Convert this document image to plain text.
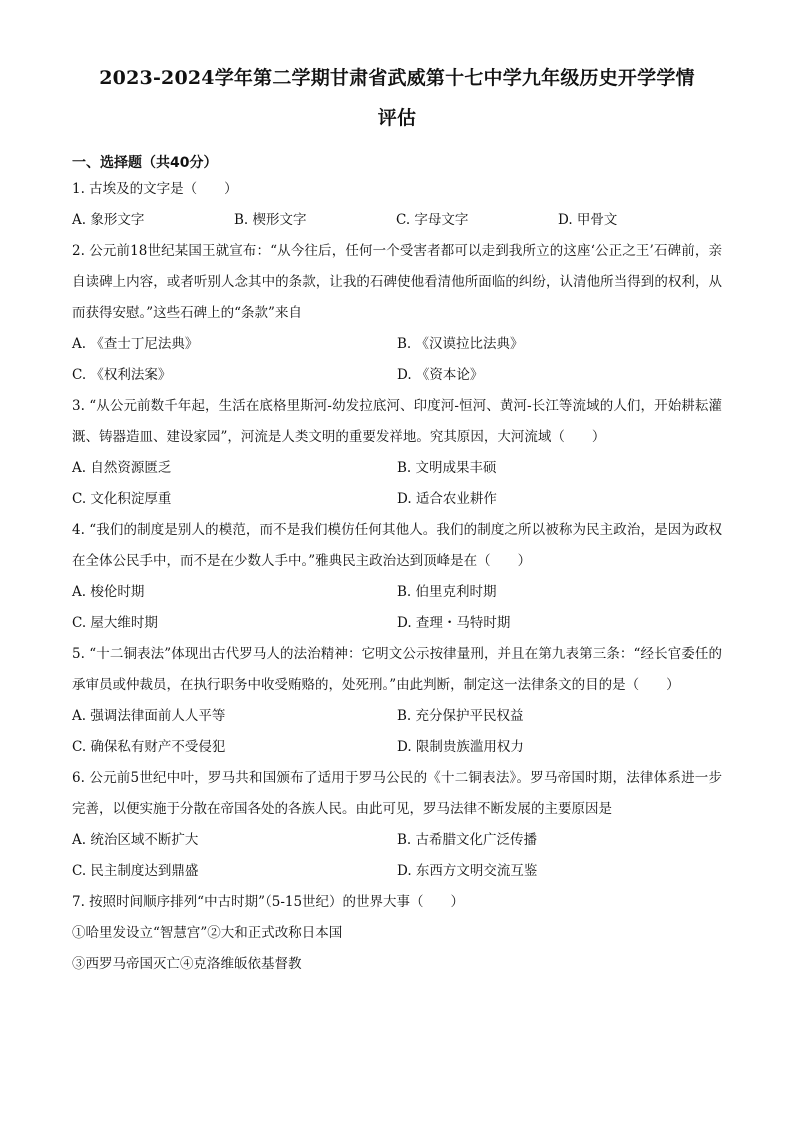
2023-2024学年第二学期甘肃省武威第十七中学九年级历史开学学情
评估
一、选择题（共40分）

1. 古埃及的文字是（　　）

A. 象形文字	B. 楔形文字	C. 字母文字	D. 甲骨文

2. 公元前18世纪某国王就宣布：“从今往后，任何一个受害者都可以走到我所立的这座‘公正之王’石碑前，亲自读碑上内容，或者听别人念其中的条款，让我的石碑使他看清他所面临的纠纷，认清他所当得到的权利，从而获得安慰。”这些石碑上的“条款”来自

A. 《查士丁尼法典》	B. 《汉谟拉比法典》
C. 《权利法案》	D. 《资本论》

3. “从公元前数千年起，生活在底格里斯河-幼发拉底河、印度河-恒河、黄河-长江等流域的人们，开始耕耘灌溉、铸器造皿、建设家园”，河流是人类文明的重要发祥地。究其原因，大河流域（　　）

A. 自然资源匮乏	B. 文明成果丰硕
C. 文化积淀厚重	D. 适合农业耕作

4. “我们的制度是别人的模范，而不是我们模仿任何其他人。我们的制度之所以被称为民主政治，是因为政权在全体公民手中，而不是在少数人手中。”雅典民主政治达到顶峰是在（　　）

A. 梭伦时期	B. 伯里克利时期
C. 屋大维时期	D. 查理・马特时期

5. “十二铜表法”体现出古代罗马人的法治精神：它明文公示按律量刑，并且在第九表第三条：“经长官委任的承审员或仲裁员，在执行职务中收受贿赂的，处死刑。”由此判断，制定这一法律条文的目的是（　　）

A. 强调法律面前人人平等	B. 充分保护平民权益
C. 确保私有财产不受侵犯	D. 限制贵族滥用权力

6. 公元前5世纪中叶，罗马共和国颁布了适用于罗马公民的《十二铜表法》。罗马帝国时期，法律体系进一步完善，以便实施于分散在帝国各处的各族人民。由此可见，罗马法律不断发展的主要原因是

A. 统治区域不断扩大	B. 古希腊文化广泛传播
C. 民主制度达到鼎盛	D. 东西方文明交流互鉴

7. 按照时间顺序排列“中古时期”（5-15世纪）的世界大事（　　）

①哈里发设立“智慧宫”②大和正式改称日本国
③西罗马帝国灭亡④克洛维皈依基督教
